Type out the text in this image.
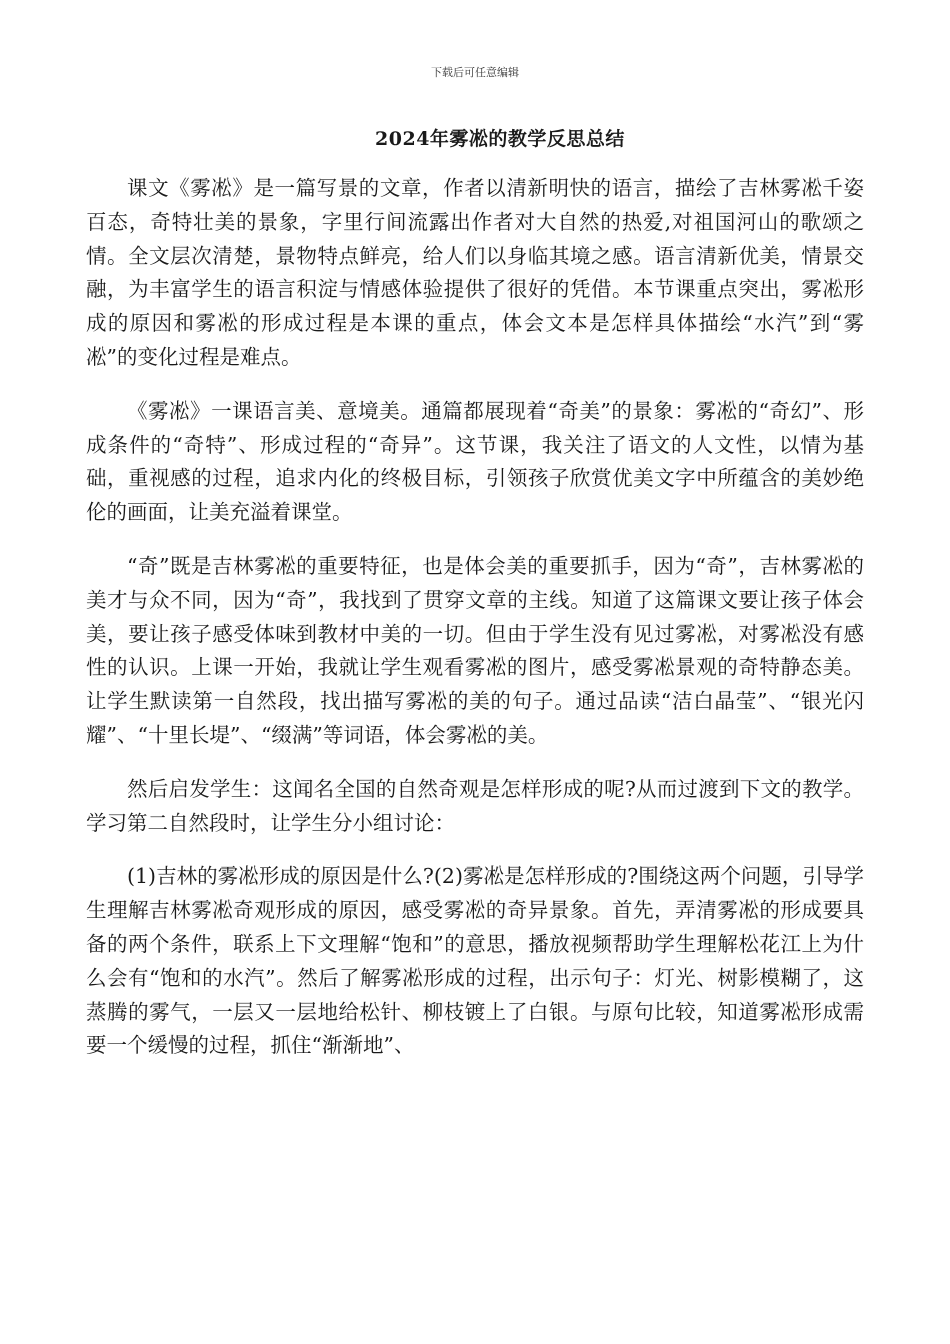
下载后可任意编辑
2024年雾凇的教学反思总结

课文《雾凇》是一篇写景的文章，作者以清新明快的语言，描绘了吉林雾凇千姿百态，奇特壮美的景象，字里行间流露出作者对大自然的热爱,对祖国河山的歌颂之情。全文层次清楚，景物特点鲜亮，给人们以身临其境之感。语言清新优美，情景交融，为丰富学生的语言积淀与情感体验提供了很好的凭借。本节课重点突出，雾凇形成的原因和雾凇的形成过程是本课的重点，体会文本是怎样具体描绘“水汽”到“雾凇”的变化过程是难点。

《雾凇》一课语言美、意境美。通篇都展现着“奇美”的景象：雾凇的“奇幻”、形成条件的“奇特”、形成过程的“奇异”。这节课，我关注了语文的人文性，以情为基础，重视感的过程，追求内化的终极目标，引领孩子欣赏优美文字中所蕴含的美妙绝伦的画面，让美充溢着课堂。

“奇”既是吉林雾凇的重要特征，也是体会美的重要抓手，因为“奇”，吉林雾凇的美才与众不同，因为“奇”，我找到了贯穿文章的主线。知道了这篇课文要让孩子体会美，要让孩子感受体味到教材中美的一切。但由于学生没有见过雾凇，对雾凇没有感性的认识。上课一开始，我就让学生观看雾凇的图片，感受雾凇景观的奇特静态美。让学生默读第一自然段，找出描写雾凇的美的句子。通过品读“洁白晶莹”、“银光闪耀”、“十里长堤”、“缀满”等词语，体会雾凇的美。

然后启发学生：这闻名全国的自然奇观是怎样形成的呢?从而过渡到下文的教学。学习第二自然段时，让学生分小组讨论：

(1)吉林的雾凇形成的原因是什么?(2)雾凇是怎样形成的?围绕这两个问题，引导学生理解吉林雾凇奇观形成的原因，感受雾凇的奇异景象。首先，弄清雾凇的形成要具备的两个条件，联系上下文理解“饱和”的意思，播放视频帮助学生理解松花江上为什么会有“饱和的水汽”。然后了解雾凇形成的过程，出示句子：灯光、树影模糊了，这蒸腾的雾气，一层又一层地给松针、柳枝镀上了白银。与原句比较，知道雾凇形成需要一个缓慢的过程，抓住“渐渐地”、
